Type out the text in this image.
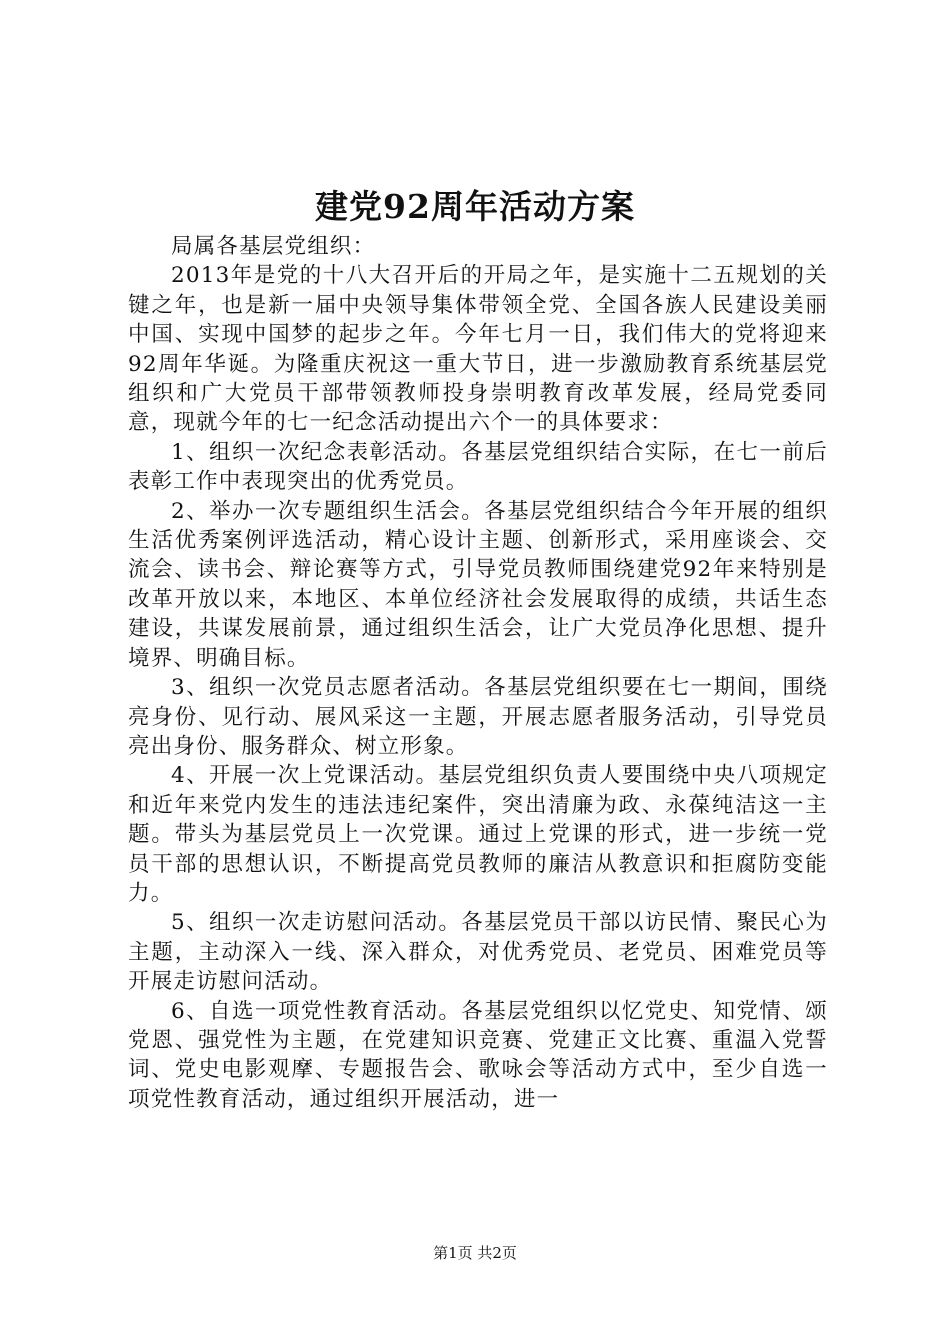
建党92周年活动方案

局属各基层党组织：

2013年是党的十八大召开后的开局之年，是实施十二五规划的关键之年，也是新一届中央领导集体带领全党、全国各族人民建设美丽中国、实现中国梦的起步之年。今年七月一日，我们伟大的党将迎来92周年华诞。为隆重庆祝这一重大节日，进一步激励教育系统基层党组织和广大党员干部带领教师投身崇明教育改革发展，经局党委同意，现就今年的七一纪念活动提出六个一的具体要求：

1、组织一次纪念表彰活动。各基层党组织结合实际，在七一前后表彰工作中表现突出的优秀党员。

2、举办一次专题组织生活会。各基层党组织结合今年开展的组织生活优秀案例评选活动，精心设计主题、创新形式，采用座谈会、交流会、读书会、辩论赛等方式，引导党员教师围绕建党92年来特别是改革开放以来，本地区、本单位经济社会发展取得的成绩，共话生态建设，共谋发展前景，通过组织生活会，让广大党员净化思想、提升境界、明确目标。

3、组织一次党员志愿者活动。各基层党组织要在七一期间，围绕亮身份、见行动、展风采这一主题，开展志愿者服务活动，引导党员亮出身份、服务群众、树立形象。

4、开展一次上党课活动。基层党组织负责人要围绕中央八项规定和近年来党内发生的违法违纪案件，突出清廉为政、永葆纯洁这一主题。带头为基层党员上一次党课。通过上党课的形式，进一步统一党员干部的思想认识，不断提高党员教师的廉洁从教意识和拒腐防变能力。

5、组织一次走访慰问活动。各基层党员干部以访民情、聚民心为主题，主动深入一线、深入群众，对优秀党员、老党员、困难党员等开展走访慰问活动。

6、自选一项党性教育活动。各基层党组织以忆党史、知党情、颂党恩、强党性为主题，在党建知识竞赛、党建正文比赛、重温入党誓词、党史电影观摩、专题报告会、歌咏会等活动方式中，至少自选一项党性教育活动，通过组织开展活动，进一

第1页 共2页
